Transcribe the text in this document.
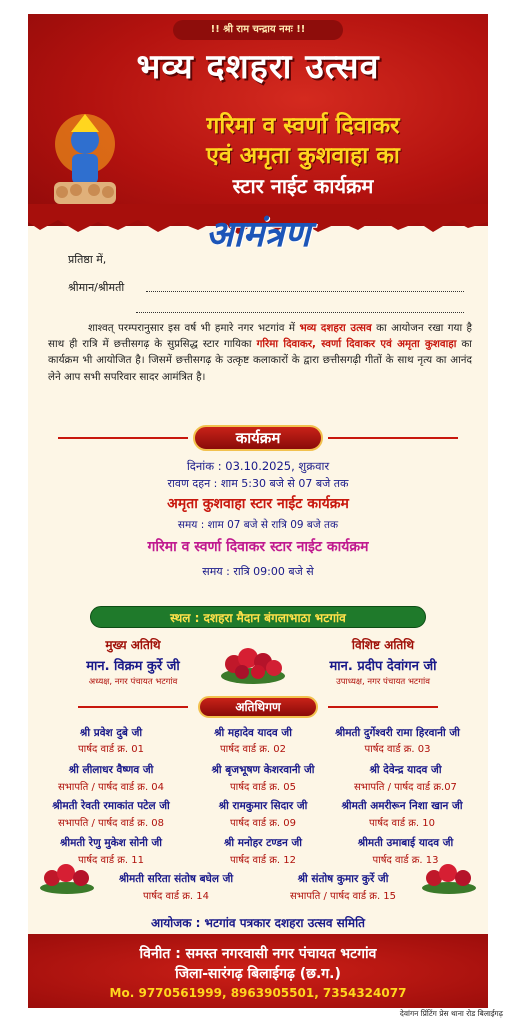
!! श्री राम चन्द्राय नमः !!
भव्य दशहरा उत्सव
गरिमा व स्वर्णा दिवाकर
एवं अमृता कुशवाहा का
स्टार नाईट कार्यक्रम
आमंत्रण
प्रतिष्ठा में,
श्रीमान/श्रीमती
शाश्वत् परम्परानुसार इस वर्ष भी हमारे नगर भटगांव में भव्य दशहरा उत्सव का आयोजन रखा गया है साथ ही रात्रि में छत्तीसगढ़ के सुप्रसिद्ध स्टार गायिका गरिमा दिवाकर, स्वर्णा दिवाकर एवं अमृता कुशवाहा का कार्यक्रम भी आयोजित है। जिसमें छत्तीसगढ़ के उत्कृष्ट कलाकारों के द्वारा छत्तीसगढ़ी गीतों के साथ नृत्य का आनंद लेने आप सभी सपरिवार सादर आमंत्रित है।
कार्यक्रम
दिनांक : 03.10.2025, शुक्रवार
रावण दहन : शाम 5:30 बजे से 07 बजे तक
अमृता कुशवाहा स्टार नाईट कार्यक्रम
समय : शाम 07 बजे से रात्रि 09 बजे तक
गरिमा व स्वर्णा दिवाकर स्टार नाईट कार्यक्रम
समय : रात्रि 09:00 बजे से
स्थल : दशहरा मैदान बंगलाभाठा भटगांव
मुख्य अतिथि
मान. विक्रम कुर्रे जी
अध्यक्ष, नगर पंचायत भटगांव
विशिष्ट अतिथि
मान. प्रदीप देवांगन जी
उपाध्यक्ष, नगर पंचायत भटगांव
अतिथिगण
श्री प्रवेश दुबे जी
पार्षद वार्ड क्र. 01
श्री महादेव यादव जी
पार्षद वार्ड क्र. 02
श्रीमती दुर्गेश्वरी रामा हिरवानी जी
पार्षद वार्ड क्र. 03
श्री लीलाधर वैष्णव जी
सभापति / पार्षद वार्ड क्र. 04
श्री बृजभूषण केशरवानी जी
पार्षद वार्ड क्र. 05
श्री देवेन्द्र यादव जी
सभापति / पार्षद वार्ड क्र.07
श्रीमती रेवती रमाकांत पटेल जी
सभापति / पार्षद वार्ड क्र. 08
श्री रामकुमार सिदार जी
पार्षद वार्ड क्र. 09
श्रीमती अमरीरून निशा खान जी
पार्षद वार्ड क्र. 10
श्रीमती रेणु मुकेश सोनी जी
पार्षद वार्ड क्र. 11
श्री मनोहर टण्डन जी
पार्षद वार्ड क्र. 12
श्रीमती उमाबाई यादव जी
पार्षद वार्ड क्र. 13
श्रीमती सरिता संतोष बघेल जी
पार्षद वार्ड क्र. 14
श्री संतोष कुमार कुर्रे जी
सभापति / पार्षद वार्ड क्र. 15
आयोजक : भटगांव पत्रकार दशहरा उत्सव समिति
विनीत : समस्त नगरवासी नगर पंचायत भटगांव
जिला-सारंगढ़ बिलाईगढ़ (छ.ग.)
Mo. 9770561999, 8963905501, 7354324077
देवांगन प्रिंटिंग प्रेस थाना रोड बिलाईगढ़
